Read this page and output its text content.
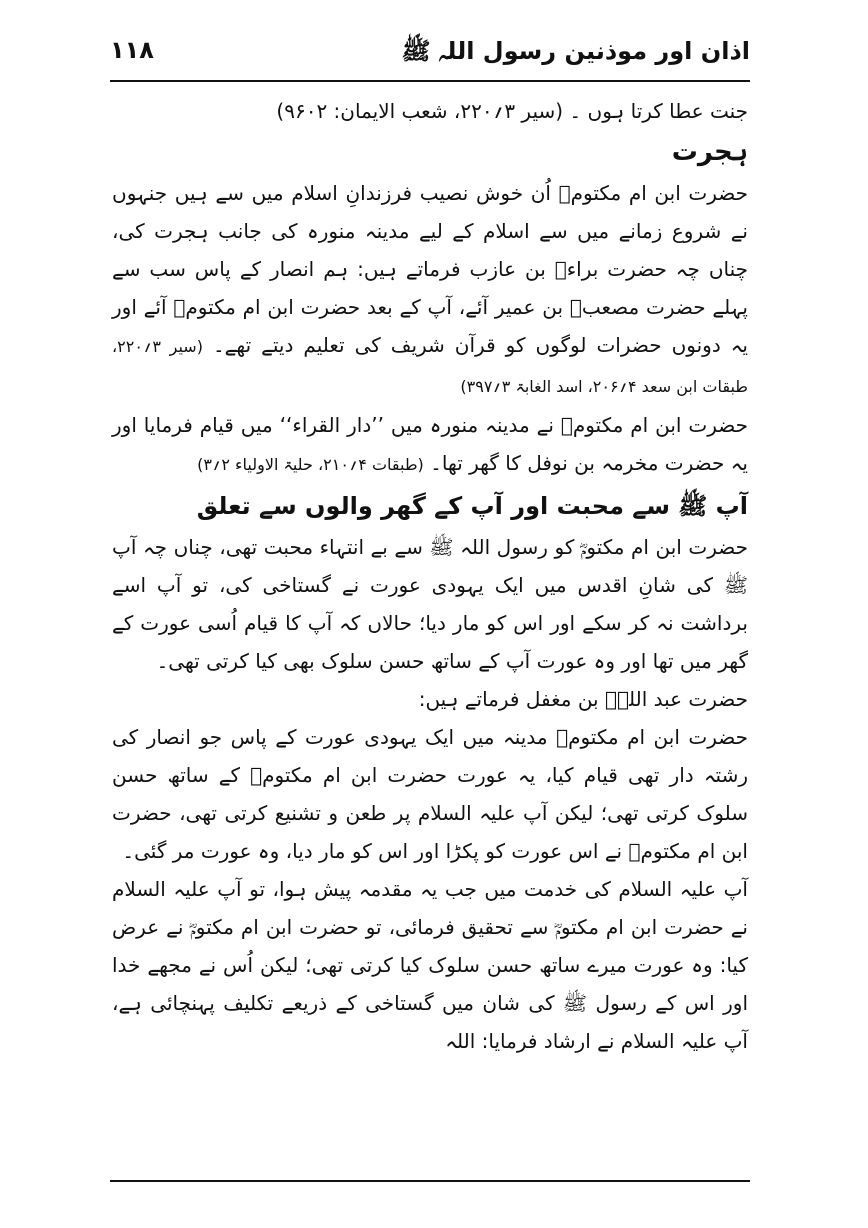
اذان اور موذنین رسول اللہ ﷺ
۱۱۸

جنت عطا کرتا ہوں ۔ (سیر ۳؍۲۲۰، شعب الایمان: ۹۶۰۲)

ہجرت

حضرت ابن ام مکتومؓ اُن خوش نصیب فرزندانِ اسلام میں سے ہیں جنہوں نے شروع زمانے میں سے اسلام کے لیے مدینہ منورہ کی جانب ہجرت کی، چناں چہ حضرت براءؓ بن عازب فرماتے ہیں: ہم انصار کے پاس سب سے پہلے حضرت مصعبؓ بن عمیر آئے، آپ کے بعد حضرت ابن ام مکتومؓ آئے اور یہ دونوں حضرات لوگوں کو قرآن شریف کی تعلیم دیتے تھے۔ (سیر ۳؍۲۲۰، طبقات ابن سعد ۴؍۲۰۶، اسد الغابۃ ۳؍۳۹۷)

حضرت ابن ام مکتومؓ نے مدینہ منورہ میں ’’دار القراء‘‘ میں قیام فرمایا اور یہ حضرت مخرمہ بن نوفل کا گھر تھا۔ (طبقات ۴؍۲۱۰، حلیۃ الاولیاء ۲؍۳)

آپ ﷺ سے محبت اور آپ کے گھر والوں سے تعلق

حضرت ابن ام مکتومؓ کو رسول اللہ ﷺ سے بے انتہاء محبت تھی، چناں چہ آپ ﷺ کی شانِ اقدس میں ایک یہودی عورت نے گستاخی کی، تو آپ اسے برداشت نہ کر سکے اور اس کو مار دیا؛ حالاں کہ آپ کا قیام اُسی عورت کے گھر میں تھا اور وہ عورت آپ کے ساتھ حسن سلوک بھی کیا کرتی تھی۔

حضرت عبد اللہؓ بن مغفل فرماتے ہیں:

حضرت ابن ام مکتومؓ مدینہ میں ایک یہودی عورت کے پاس جو انصار کی رشتہ دار تھی قیام کیا، یہ عورت حضرت ابن ام مکتومؓ کے ساتھ حسن سلوک کرتی تھی؛ لیکن آپ علیہ السلام پر طعن و تشنیع کرتی تھی، حضرت ابن ام مکتومؓ نے اس عورت کو پکڑا اور اس کو مار دیا، وہ عورت مر گئی۔

آپ علیہ السلام کی خدمت میں جب یہ مقدمہ پیش ہوا، تو آپ علیہ السلام نے حضرت ابن ام مکتومؓ سے تحقیق فرمائی، تو حضرت ابن ام مکتومؓ نے عرض کیا: وہ عورت میرے ساتھ حسن سلوک کیا کرتی تھی؛ لیکن اُس نے مجھے خدا اور اس کے رسول ﷺ کی شان میں گستاخی کے ذریعے تکلیف پہنچائی ہے، آپ علیہ السلام نے ارشاد فرمایا: اللہ
